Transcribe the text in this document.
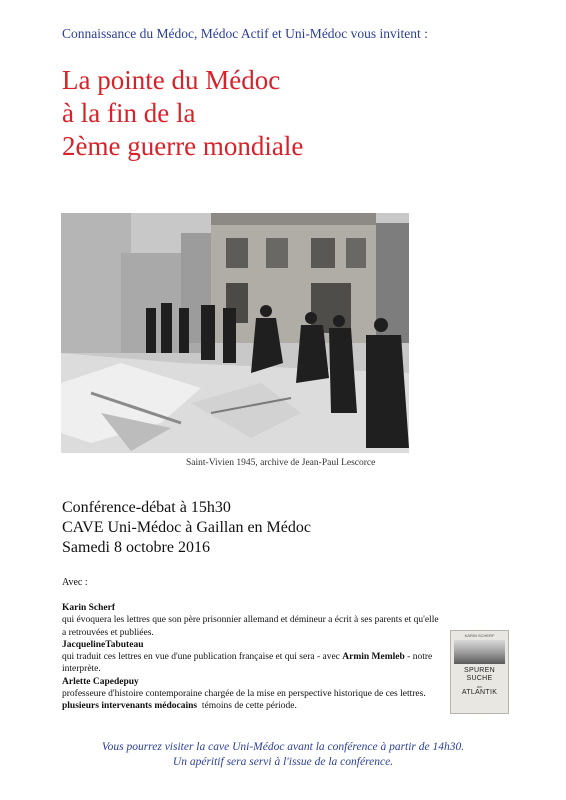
Connaissance du Médoc, Médoc Actif et Uni-Médoc vous invitent :
La pointe du Médoc
à la fin de la
2ème guerre mondiale
Saint-Vivien 1945, archive de Jean-Paul Lescorce
Conférence-débat à 15h30
CAVE Uni-Médoc à Gaillan en Médoc
Samedi 8 octobre 2016
Avec :
Karin Scherf
qui évoquera les lettres que son père prisonnier allemand et démineur a écrit à ses parents et qu'elle a retrouvées et publiées.
JacquelineTabuteau
qui traduit ces lettres en vue d'une publication française et qui sera - avec Armin Memleb - notre interprète.
Arlette Capedepuy
professeure d'histoire contemporaine chargée de la mise en perspective historique de ces lettres.
plusieurs intervenants médocains témoins de cette période.
KARIN SCHERF
SPUREN
SUCHE
am
ATLANTIK
Vous pourrez visiter la cave Uni-Médoc avant la conférence à partir de 14h30.
Un apéritif sera servi à l'issue de la conférence.
